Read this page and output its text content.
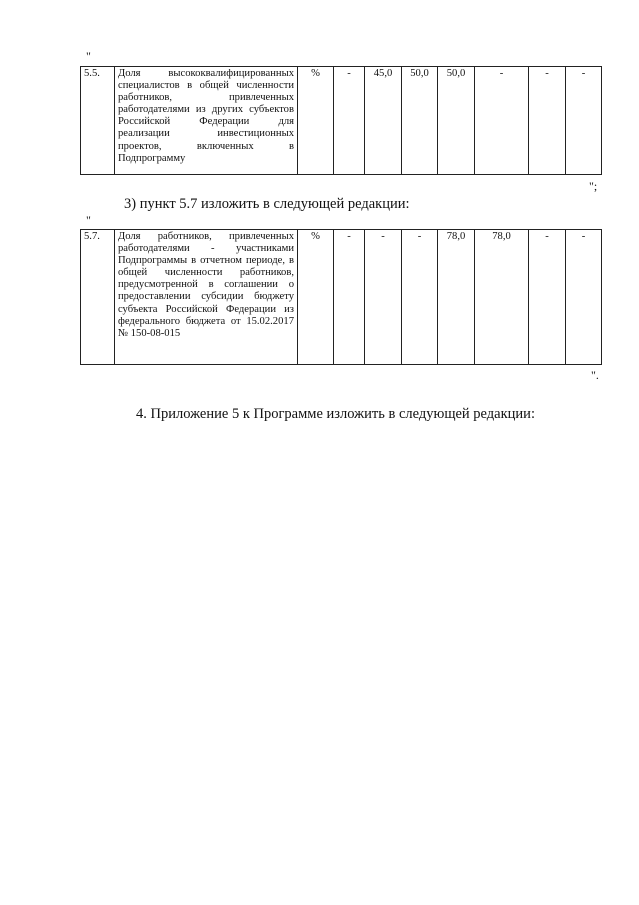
"
5.5.	Доля высококвалифицированных специалистов в общей численности работников, привлеченных работодателями из других субъектов Российской Федерации для реализации инвестиционных проектов, включенных в Подпрограмму	%	-	45,0	50,0	50,0	-	-	-
";
3) пункт 5.7 изложить в следующей редакции:
"
5.7.	Доля работников, привлеченных работодателями - участниками Подпрограммы в отчетном периоде, в общей численности работников, предусмотренной в соглашении о предоставлении субсидии бюджету субъекта Российской Федерации из федерального бюджета от 15.02.2017 № 150-08-015	%	-	-	-	78,0	78,0	-	-
".
4. Приложение 5 к Программе изложить в следующей редакции:
